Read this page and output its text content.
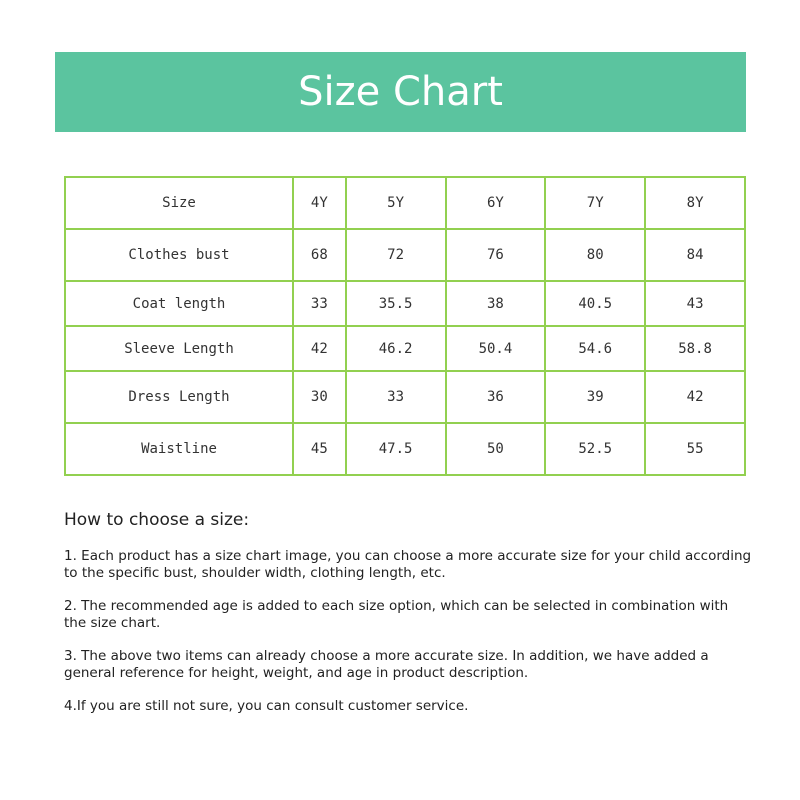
Size Chart
Size	4Y	5Y	6Y	7Y	8Y
Clothes bust	68	72	76	80	84
Coat length	33	35.5	38	40.5	43
Sleeve Length	42	46.2	50.4	54.6	58.8
Dress Length	30	33	36	39	42
Waistline	45	47.5	50	52.5	55
How to choose a size:

1. Each product has a size chart image, you can choose a more accurate size for your child according to the specific bust, shoulder width, clothing length, etc.

2. The recommended age is added to each size option, which can be selected in combination with the size chart.

3. The above two items can already choose a more accurate size. In addition, we have added a general reference for height, weight, and age in product description.

4.If you are still not sure, you can consult customer service.
